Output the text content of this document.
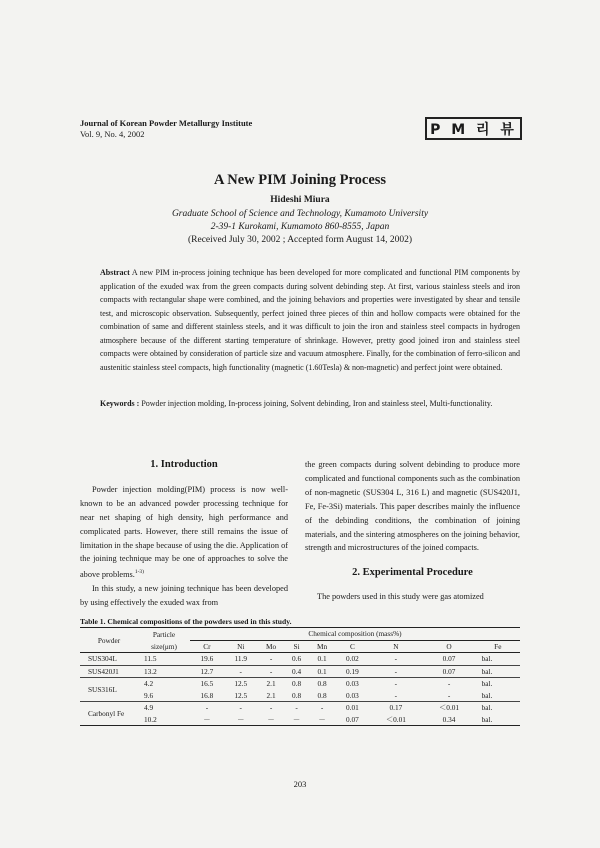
Journal of Korean Powder Metallurgy Institute
Vol. 9, No. 4, 2002	P M 리 뷰
A New PIM Joining Process
Hideshi Miura
Graduate School of Science and Technology, Kumamoto University
2-39-1 Kurokami, Kumamoto 860-8555, Japan
(Received July 30, 2002 ; Accepted form August 14, 2002)
Abstract A new PIM in-process joining technique has been developed for more complicated and functional PIM components by application of the exuded wax from the green compacts during solvent debinding step. At first, various stainless steels and iron compacts with rectangular shape were combined, and the joining behaviors and properties were investigated by shear and tensile test, and microscopic observation. Subsequently, perfect joined three pieces of thin and hollow compacts were obtained for the combination of same and different stainless steels, and it was difficult to join the iron and stainless steel compacts in hydrogen atmosphere because of the different starting temperature of shrinkage. However, pretty good joined iron and stainless steel compacts were obtained by consideration of particle size and vacuum atmosphere. Finally, for the combination of ferro-silicon and austenitic stainless steel compacts, high functionality (magnetic (1.60Tesla) & non-magnetic) and perfect joint were obtained.
Keywords : Powder injection molding, In-process joining, Solvent debinding, Iron and stainless steel, Multi-functionality.
1. Introduction

Powder injection molding(PIM) process is now well-known to be an advanced powder processing technique for near net shaping of high density, high performance and complicated parts. However, there still remains the issue of limitation in the shape because of using the die. Application of the joining technique may be one of approaches to solve the above problems.$^{1-3)}$

In this study, a new joining technique has been developed by using effectively the exuded wax from

the green compacts during solvent debinding to produce more complicated and functional components such as the combination of non-magnetic (SUS304 L, 316 L) and magnetic (SUS420J1, Fe, Fe-3Si) materials. This paper describes mainly the influence of the debinding conditions, the combination of joining materials, and the sintering atmospheres on the joining behavior, strength and microstructures of the joined compacts.

2. Experimental Procedure

The powders used in this study were gas atomized

Table 1. Chemical compositions of the powders used in this study.
Powder	Particle	Chemical composition (mass%)								
	size(μm)	Cr	Ni	Mo	Si	Mn	C	N	O	Fe
SUS304L	11.5	19.6	11.9	-	0.6	0.1	0.02	-	0.07	bal.
SUS420J1	13.2	12.7	-	-	0.4	0.1	0.19	-	0.07	bal.
SUS316L	4.2	16.5	12.5	2.1	0.8	0.8	0.03	-	-	bal.
	9.6	16.8	12.5	2.1	0.8	0.8	0.03	-	-	bal.
Carbonyl Fe	4.9	-	-	-	-	-	0.01	0.17	＜0.01	bal.
	10.2	－	－	－	－	－	0.07	＜0.01	0.34	bal.
203
